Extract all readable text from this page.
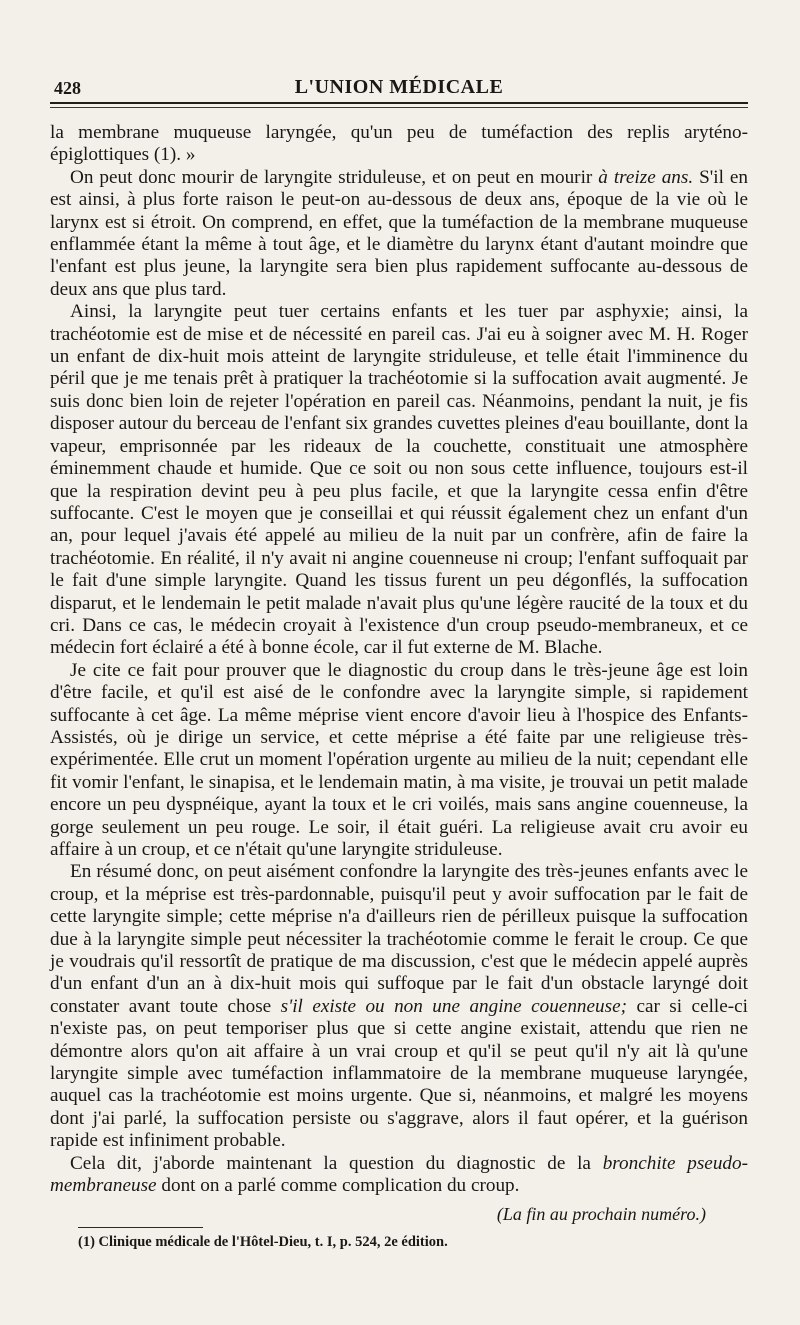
428	L'UNION MÉDICALE

la membrane muqueuse laryngée, qu'un peu de tuméfaction des replis aryténo-épiglottiques (1). »

On peut donc mourir de laryngite striduleuse, et on peut en mourir à treize ans. S'il en est ainsi, à plus forte raison le peut-on au-dessous de deux ans, époque de la vie où le larynx est si étroit. On comprend, en effet, que la tuméfaction de la membrane muqueuse enflammée étant la même à tout âge, et le diamètre du larynx étant d'autant moindre que l'enfant est plus jeune, la laryngite sera bien plus rapidement suffocante au-dessous de deux ans que plus tard.

Ainsi, la laryngite peut tuer certains enfants et les tuer par asphyxie; ainsi, la trachéotomie est de mise et de nécessité en pareil cas. J'ai eu à soigner avec M. H. Roger un enfant de dix-huit mois atteint de laryngite striduleuse, et telle était l'imminence du péril que je me tenais prêt à pratiquer la trachéotomie si la suffocation avait augmenté. Je suis donc bien loin de rejeter l'opération en pareil cas. Néanmoins, pendant la nuit, je fis disposer autour du berceau de l'enfant six grandes cuvettes pleines d'eau bouillante, dont la vapeur, emprisonnée par les rideaux de la couchette, constituait une atmosphère éminemment chaude et humide. Que ce soit ou non sous cette influence, toujours est-il que la respiration devint peu à peu plus facile, et que la laryngite cessa enfin d'être suffocante. C'est le moyen que je conseillai et qui réussit également chez un enfant d'un an, pour lequel j'avais été appelé au milieu de la nuit par un confrère, afin de faire la trachéotomie. En réalité, il n'y avait ni angine couenneuse ni croup; l'enfant suffoquait par le fait d'une simple laryngite. Quand les tissus furent un peu dégonflés, la suffocation disparut, et le lendemain le petit malade n'avait plus qu'une légère raucité de la toux et du cri. Dans ce cas, le médecin croyait à l'existence d'un croup pseudo-membraneux, et ce médecin fort éclairé a été à bonne école, car il fut externe de M. Blache.

Je cite ce fait pour prouver que le diagnostic du croup dans le très-jeune âge est loin d'être facile, et qu'il est aisé de le confondre avec la laryngite simple, si rapidement suffocante à cet âge. La même méprise vient encore d'avoir lieu à l'hospice des Enfants-Assistés, où je dirige un service, et cette méprise a été faite par une religieuse très-expérimentée. Elle crut un moment l'opération urgente au milieu de la nuit; cependant elle fit vomir l'enfant, le sinapisa, et le lendemain matin, à ma visite, je trouvai un petit malade encore un peu dyspnéique, ayant la toux et le cri voilés, mais sans angine couenneuse, la gorge seulement un peu rouge. Le soir, il était guéri. La religieuse avait cru avoir eu affaire à un croup, et ce n'était qu'une laryngite striduleuse.

En résumé donc, on peut aisément confondre la laryngite des très-jeunes enfants avec le croup, et la méprise est très-pardonnable, puisqu'il peut y avoir suffocation par le fait de cette laryngite simple; cette méprise n'a d'ailleurs rien de périlleux puisque la suffocation due à la laryngite simple peut nécessiter la trachéotomie comme le ferait le croup. Ce que je voudrais qu'il ressortît de pratique de ma discussion, c'est que le médecin appelé auprès d'un enfant d'un an à dix-huit mois qui suffoque par le fait d'un obstacle laryngé doit constater avant toute chose s'il existe ou non une angine couenneuse; car si celle-ci n'existe pas, on peut temporiser plus que si cette angine existait, attendu que rien ne démontre alors qu'on ait affaire à un vrai croup et qu'il se peut qu'il n'y ait là qu'une laryngite simple avec tuméfaction inflammatoire de la membrane muqueuse laryngée, auquel cas la trachéotomie est moins urgente. Que si, néanmoins, et malgré les moyens dont j'ai parlé, la suffocation persiste ou s'aggrave, alors il faut opérer, et la guérison rapide est infiniment probable.

Cela dit, j'aborde maintenant la question du diagnostic de la bronchite pseudo-membraneuse dont on a parlé comme complication du croup.

(La fin au prochain numéro.)
(1) Clinique médicale de l'Hôtel-Dieu, t. I, p. 524, 2e édition.
